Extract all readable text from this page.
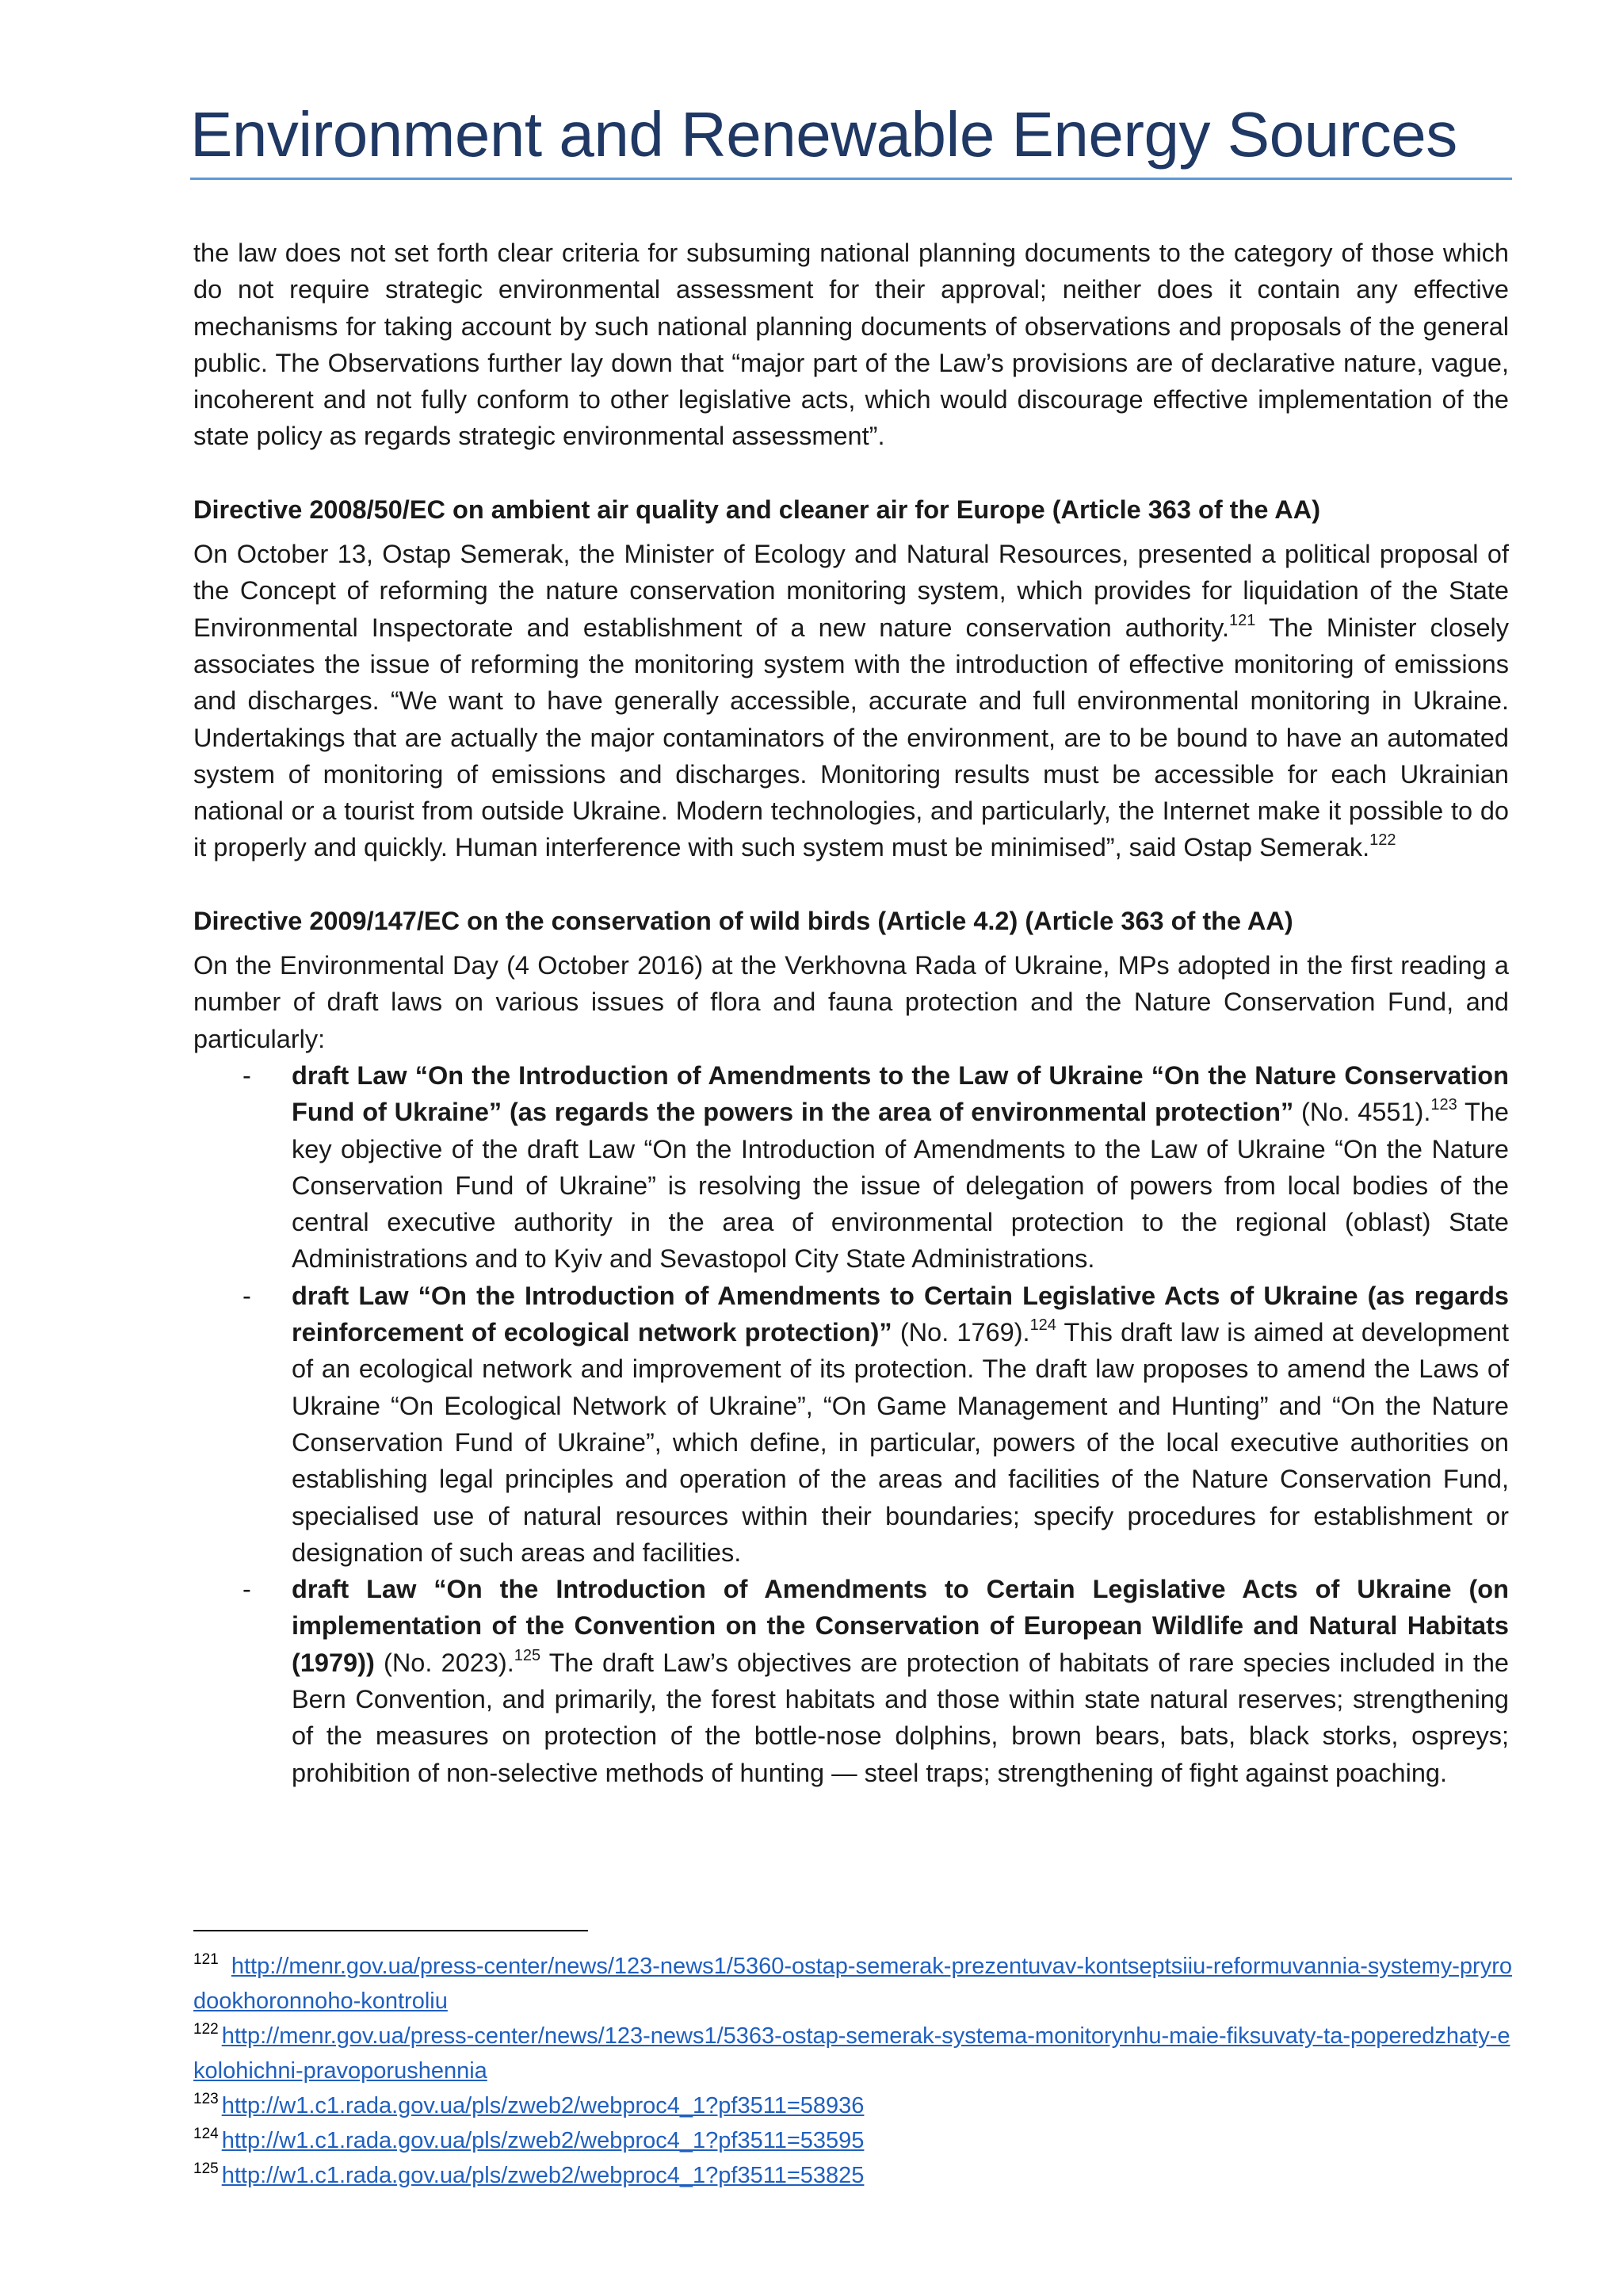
Environment and Renewable Energy Sources

the law does not set forth clear criteria for subsuming national planning documents to the category of those which do not require strategic environmental assessment for their approval; neither does it contain any effective mechanisms for taking account by such national planning documents of observations and proposals of the general public. The Observations further lay down that “major part of the Law’s provisions are of declarative nature, vague, incoherent and not fully conform to other legislative acts, which would discourage effective implementation of the state policy as regards strategic environmental assessment”.

Directive 2008/50/EC on ambient air quality and cleaner air for Europe (Article 363 of the AA)

On October 13, Ostap Semerak, the Minister of Ecology and Natural Resources, presented a political proposal of the Concept of reforming the nature conservation monitoring system, which provides for liquidation of the State Environmental Inspectorate and establishment of a new nature conservation authority.$^{121}$ The Minister closely associates the issue of reforming the monitoring system with the introduction of effective monitoring of emissions and discharges. “We want to have generally accessible, accurate and full environmental monitoring in Ukraine. Undertakings that are actually the major contaminators of the environment, are to be bound to have an automated system of monitoring of emissions and discharges. Monitoring results must be accessible for each Ukrainian national or a tourist from outside Ukraine. Modern technologies, and particularly, the Internet make it possible to do it properly and quickly. Human interference with such system must be minimised”, said Ostap Semerak.$^{122}$

Directive 2009/147/EC on the conservation of wild birds (Article 4.2) (Article 363 of the AA)

On the Environmental Day (4 October 2016) at the Verkhovna Rada of Ukraine, MPs adopted in the first reading a number of draft laws on various issues of flora and fauna protection and the Nature Conservation Fund, and particularly:

- draft Law “On the Introduction of Amendments to the Law of Ukraine “On the Nature Conservation Fund of Ukraine” (as regards the powers in the area of environmental protection” (No. 4551).$^{123}$ The key objective of the draft Law “On the Introduction of Amendments to the Law of Ukraine “On the Nature Conservation Fund of Ukraine” is resolving the issue of delegation of powers from local bodies of the central executive authority in the area of environmental protection to the regional (oblast) State Administrations and to Kyiv and Sevastopol City State Administrations.
- draft Law “On the Introduction of Amendments to Certain Legislative Acts of Ukraine (as regards reinforcement of ecological network protection)” (No. 1769).$^{124}$ This draft law is aimed at development of an ecological network and improvement of its protection. The draft law proposes to amend the Laws of Ukraine “On Ecological Network of Ukraine”, “On Game Management and Hunting” and “On the Nature Conservation Fund of Ukraine”, which define, in particular, powers of the local executive authorities on establishing legal principles and operation of the areas and facilities of the Nature Conservation Fund, specialised use of natural resources within their boundaries; specify procedures for establishment or designation of such areas and facilities.
- draft Law “On the Introduction of Amendments to Certain Legislative Acts of Ukraine (on implementation of the Convention on the Conservation of European Wildlife and Natural Habitats (1979)) (No. 2023).$^{125}$ The draft Law’s objectives are protection of habitats of rare species included in the Bern Convention, and primarily, the forest habitats and those within state natural reserves; strengthening of the measures on protection of the bottle-nose dolphins, brown bears, bats, black storks, ospreys; prohibition of non-selective methods of hunting — steel traps; strengthening of fight against poaching.

$^{121}$ http://menr.gov.ua/press-center/news/123-news1/5360-ostap-semerak-prezentuvav-kontseptsiiu-reformuvannia-systemy-pryrodookhoronnoho-kontroliu

$^{122}$ http://menr.gov.ua/press-center/news/123-news1/5363-ostap-semerak-systema-monitorynhu-maie-fiksuvaty-ta-poperedzhaty-ekolohichni-pravoporushennia

$^{123}$ http://w1.c1.rada.gov.ua/pls/zweb2/webproc4_1?pf3511=58936

$^{124}$ http://w1.c1.rada.gov.ua/pls/zweb2/webproc4_1?pf3511=53595

$^{125}$ http://w1.c1.rada.gov.ua/pls/zweb2/webproc4_1?pf3511=53825
